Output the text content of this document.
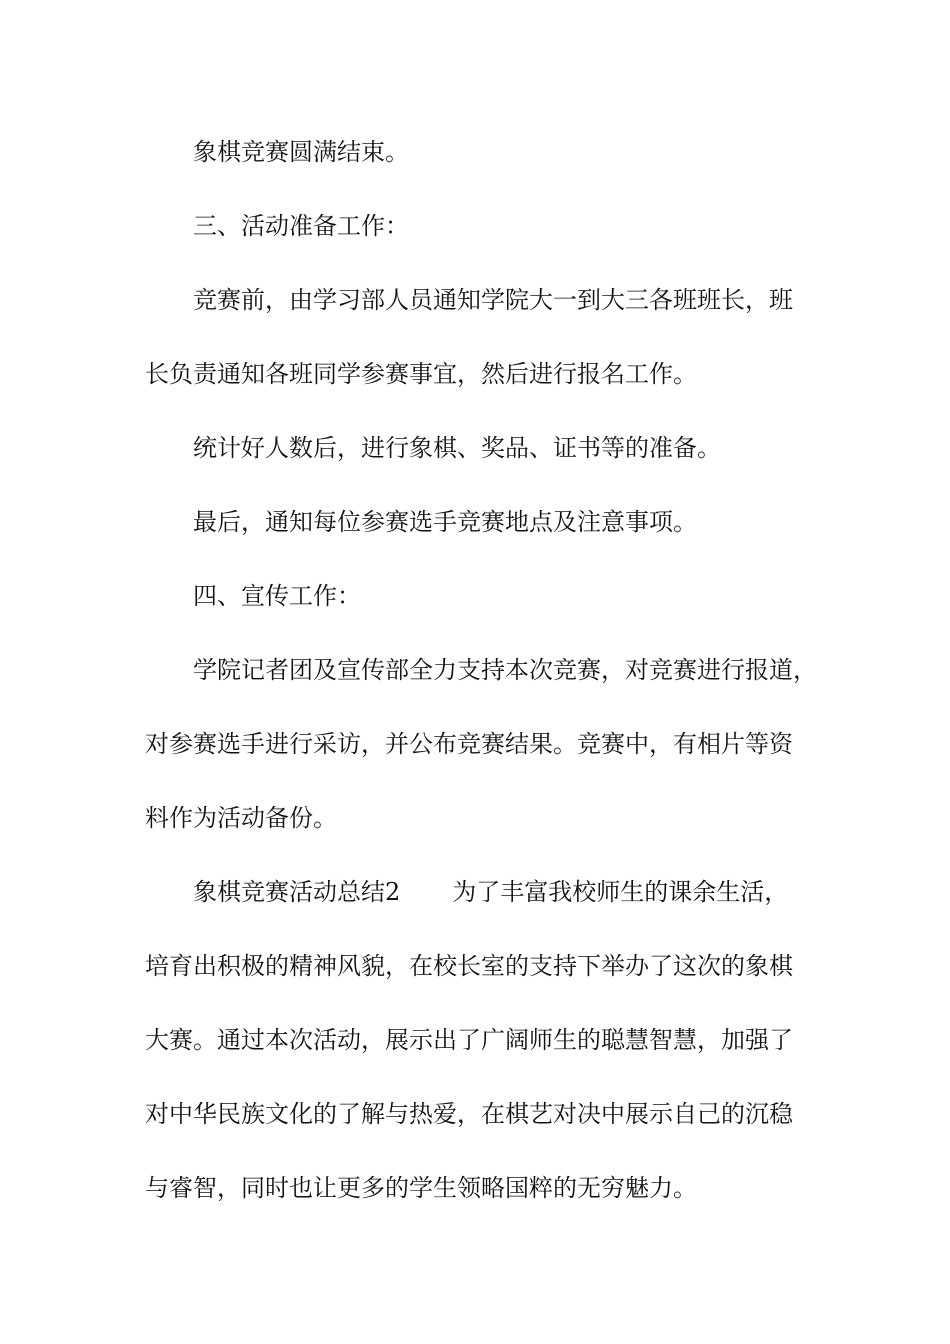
象棋竞赛圆满结束。
三、活动准备工作：
竞赛前，由学习部人员通知学院大一到大三各班班长，班
长负责通知各班同学参赛事宜，然后进行报名工作。
统计好人数后，进行象棋、奖品、证书等的准备。
最后，通知每位参赛选手竞赛地点及注意事项。
四、宣传工作：
学院记者团及宣传部全力支持本次竞赛，对竞赛进行报道，
对参赛选手进行采访，并公布竞赛结果。竞赛中，有相片等资
料作为活动备份。
象棋竞赛活动总结2 为了丰富我校师生的课余生活，
培育出积极的精神风貌，在校长室的支持下举办了这次的象棋
大赛。通过本次活动，展示出了广阔师生的聪慧智慧，加强了
对中华民族文化的了解与热爱，在棋艺对决中展示自己的沉稳
与睿智，同时也让更多的学生领略国粹的无穷魅力。
